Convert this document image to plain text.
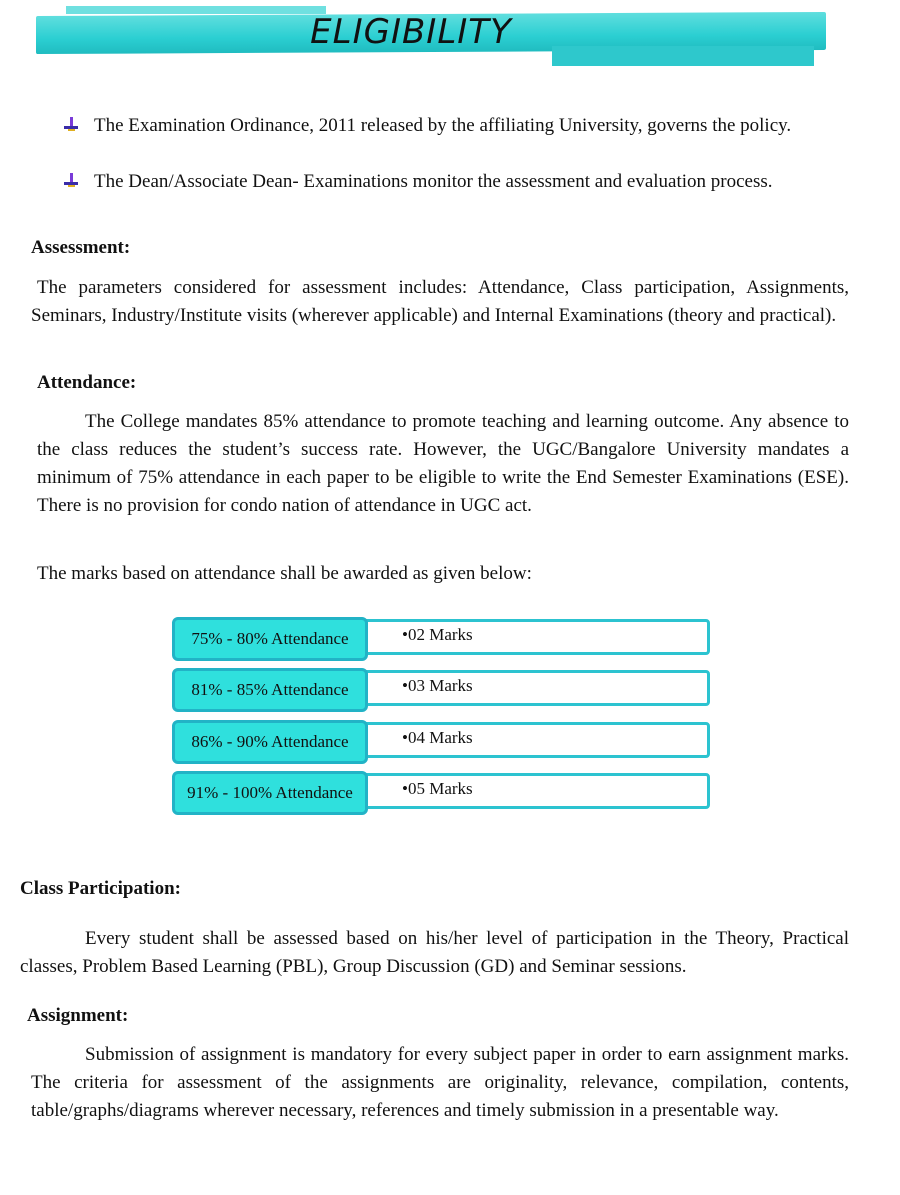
ELIGIBILITY
The Examination Ordinance, 2011 released by the affiliating University, governs the policy.
The Dean/Associate Dean- Examinations monitor the assessment and evaluation process.
Assessment:
The parameters considered for assessment includes: Attendance, Class participation, Assignments, Seminars, Industry/Institute visits (wherever applicable) and Internal Examinations (theory and practical).
Attendance:
The College mandates 85% attendance to promote teaching and learning outcome. Any absence to the class reduces the student’s success rate. However, the UGC/Bangalore University mandates a minimum of 75% attendance in each paper to be eligible to write the End Semester Examinations (ESE). There is no provision for condo nation of attendance in UGC act.
The marks based on attendance shall be awarded as given below:
75% - 80% Attendance	•02 Marks
81% - 85% Attendance	•03 Marks
86% - 90% Attendance	•04 Marks
91% - 100% Attendance	•05 Marks
Class Participation:
Every student shall be assessed based on his/her level of participation in the Theory, Practical classes, Problem Based Learning (PBL), Group Discussion (GD) and Seminar sessions.
Assignment:
Submission of assignment is mandatory for every subject paper in order to earn assignment marks. The criteria for assessment of the assignments are originality, relevance, compilation, contents, table/graphs/diagrams wherever necessary, references and timely submission in a presentable way.
